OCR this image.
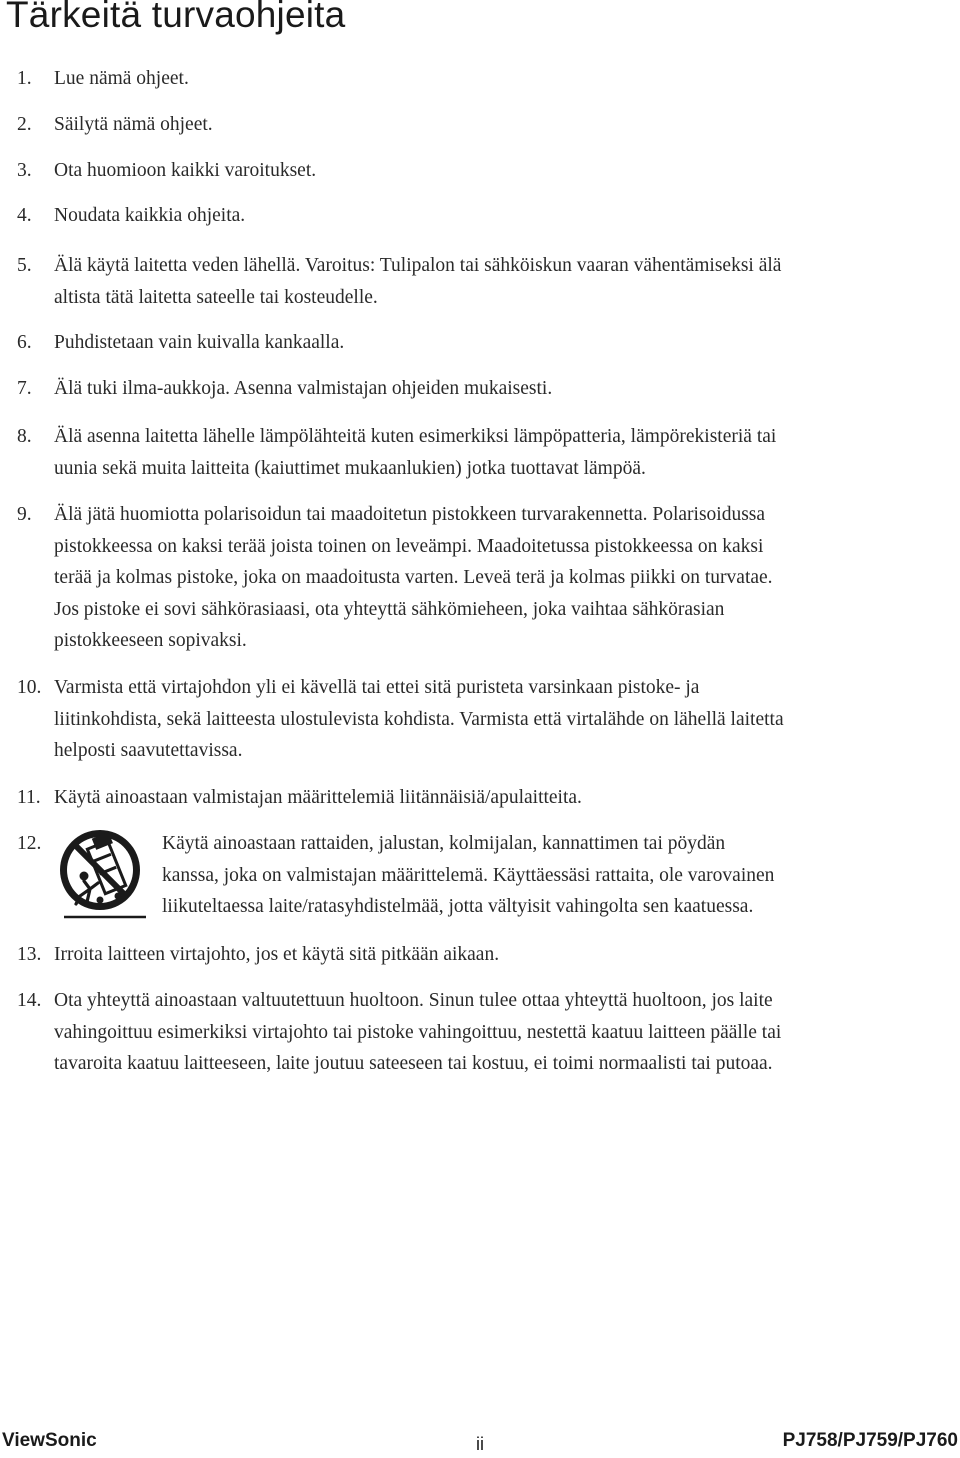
Tärkeitä turvaohjeita
1. Lue nämä ohjeet.
2. Säilytä nämä ohjeet.
3. Ota huomioon kaikki varoitukset.
4. Noudata kaikkia ohjeita.
5. Älä käytä laitetta veden lähellä. Varoitus: Tulipalon tai sähköiskun vaaran vähentämiseksi älä
altista tätä laitetta sateelle tai kosteudelle.
6. Puhdistetaan vain kuivalla kankaalla.
7. Älä tuki ilma-aukkoja. Asenna valmistajan ohjeiden mukaisesti.
8. Älä asenna laitetta lähelle lämpölähteitä kuten esimerkiksi lämpöpatteria, lämpörekisteriä tai
uunia sekä muita laitteita (kaiuttimet mukaanlukien) jotka tuottavat lämpöä.
9. Älä jätä huomiotta polarisoidun tai maadoitetun pistokkeen turvarakennetta. Polarisoidussa
pistokkeessa on kaksi terää joista toinen on leveämpi. Maadoitetussa pistokkeessa on kaksi
terää ja kolmas pistoke, joka on maadoitusta varten. Leveä terä ja kolmas piikki on turvatae.
Jos pistoke ei sovi sähkörasiaasi, ota yhteyttä sähkömieheen, joka vaihtaa sähkörasian
pistokkeeseen sopivaksi.
10. Varmista että virtajohdon yli ei kävellä tai ettei sitä puristeta varsinkaan pistoke- ja
liitinkohdista, sekä laitteesta ulostulevista kohdista. Varmista että virtalähde on lähellä laitetta
helposti saavutettavissa.
11. Käytä ainoastaan valmistajan määrittelemiä liitännäisiä/apulaitteita.
12.	Käytä ainoastaan rattaiden, jalustan, kolmijalan, kannattimen tai pöydän
kanssa, joka on valmistajan määrittelemä. Käyttäessäsi rattaita, ole varovainen
liikuteltaessa laite/ratasyhdistelmää, jotta vältyisit vahingolta sen kaatuessa.
13. Irroita laitteen virtajohto, jos et käytä sitä pitkään aikaan.
14. Ota yhteyttä ainoastaan valtuutettuun huoltoon. Sinun tulee ottaa yhteyttä huoltoon, jos laite
vahingoittuu esimerkiksi virtajohto tai pistoke vahingoittuu, nestettä kaatuu laitteen päälle tai
tavaroita kaatuu laitteeseen, laite joutuu sateeseen tai kostuu, ei toimi normaalisti tai putoaa.
ViewSonic	ii	PJ758/PJ759/PJ760
